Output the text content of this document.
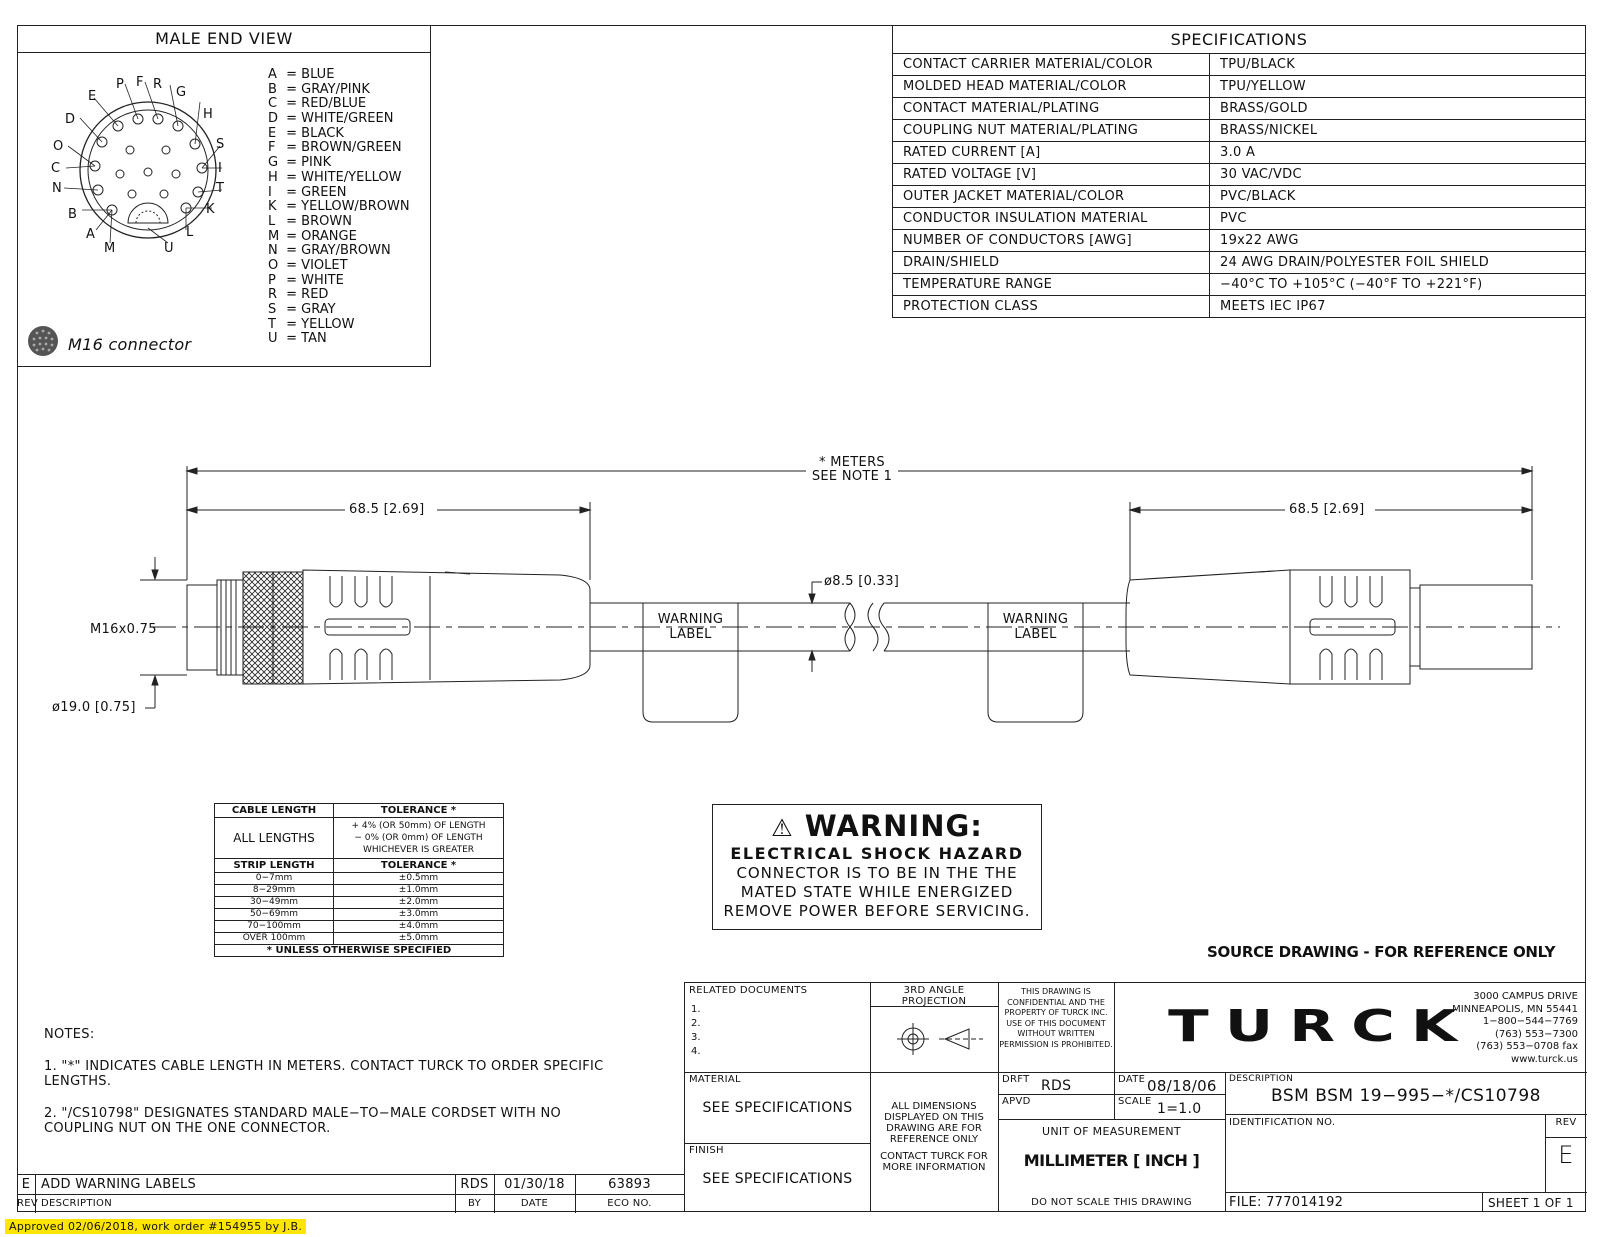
MALE END VIEW
E
P F R
G
H
D
O	S
C	I
N	T
B	K
A	L
M	U
A = BLUE
B = GRAY/PINK
C = RED/BLUE
D = WHITE/GREEN
E = BLACK
F = BROWN/GREEN
G = PINK
H = WHITE/YELLOW
I = GREEN
K = YELLOW/BROWN
L = BROWN
M = ORANGE
N = GRAY/BROWN
O = VIOLET
P = WHITE
R = RED
S = GRAY
T = YELLOW
U = TAN
M16 connector
SPECIFICATIONS	
CONTACT CARRIER MATERIAL/COLOR	TPU/BLACK
MOLDED HEAD MATERIAL/COLOR	TPU/YELLOW
CONTACT MATERIAL/PLATING	BRASS/GOLD
COUPLING NUT MATERIAL/PLATING	BRASS/NICKEL
RATED CURRENT [A]	3.0 A
RATED VOLTAGE [V]	30 VAC/VDC
OUTER JACKET MATERIAL/COLOR	PVC/BLACK
CONDUCTOR INSULATION MATERIAL	PVC
NUMBER OF CONDUCTORS [AWG]	19x22 AWG
DRAIN/SHIELD	24 AWG DRAIN/POLYESTER FOIL SHIELD
TEMPERATURE RANGE	−40°C TO +105°C (−40°F TO +221°F)
PROTECTION CLASS	MEETS IEC IP67
* METERS
SEE NOTE 1
68.5 [2.69]	68.5 [2.69]
ø8.5 [0.33]
M16x0.75
ø19.0 [0.75]
WARNING
LABEL
WARNING
LABEL
CABLE LENGTH	TOLERANCE *
ALL LENGTHS	+ 4% (OR 50mm) OF LENGTH
− 0% (OR 0mm) OF LENGTH
WHICHEVER IS GREATER

STRIP LENGTH	TOLERANCE *
0−7mm	±0.5mm
8−29mm	±1.0mm
30−49mm	±2.0mm
50−69mm	±3.0mm
70−100mm	±4.0mm
OVER 100mm	±5.0mm
* UNLESS OTHERWISE SPECIFIED	
⚠ WARNING:
ELECTRICAL SHOCK HAZARD
CONNECTOR IS TO BE IN THE THE
MATED STATE WHILE ENERGIZED
REMOVE POWER BEFORE SERVICING.
SOURCE DRAWING - FOR REFERENCE ONLY
NOTES:
1. "*" INDICATES CABLE LENGTH IN METERS. CONTACT TURCK TO ORDER SPECIFIC
LENGTHS.
2. "/CS10798" DESIGNATES STANDARD MALE−TO−MALE CORDSET WITH NO
COUPLING NUT ON THE ONE CONNECTOR.
E ADD WARNING LABELS	RDS	01/30/18	63893
REV DESCRIPTION	BY	DATE	ECO NO.
RELATED DOCUMENTS
1.
2.
3.
4.
3RD ANGLE PROJECTION
THIS DRAWING IS CONFIDENTIAL AND THE PROPERTY OF TURCK INC. USE OF THIS DOCUMENT WITHOUT WRITTEN PERMISSION IS PROHIBITED.	TURCK
3000 CAMPUS DRIVE
MINNEAPOLIS, MN 55441
1−800−544−7769
(763) 553−7300
(763) 553−0708 fax
www.turck.us
MATERIAL
SEE SPECIFICATIONS
FINISH
SEE SPECIFICATIONS
ALL DIMENSIONS DISPLAYED ON THIS DRAWING ARE FOR REFERENCE ONLY
CONTACT TURCK FOR MORE INFORMATION
DRFT RDS	DATE 08/18/06
APVD	SCALE 1=1.0
UNIT OF MEASUREMENT
MILLIMETER [ INCH ]
DO NOT SCALE THIS DRAWING
DESCRIPTION
BSM BSM 19−995−*/CS10798
IDENTIFICATION NO.	REV
E
FILE: 777014192	SHEET 1 OF 1
Approved 02/06/2018, work order #154955 by J.B.
